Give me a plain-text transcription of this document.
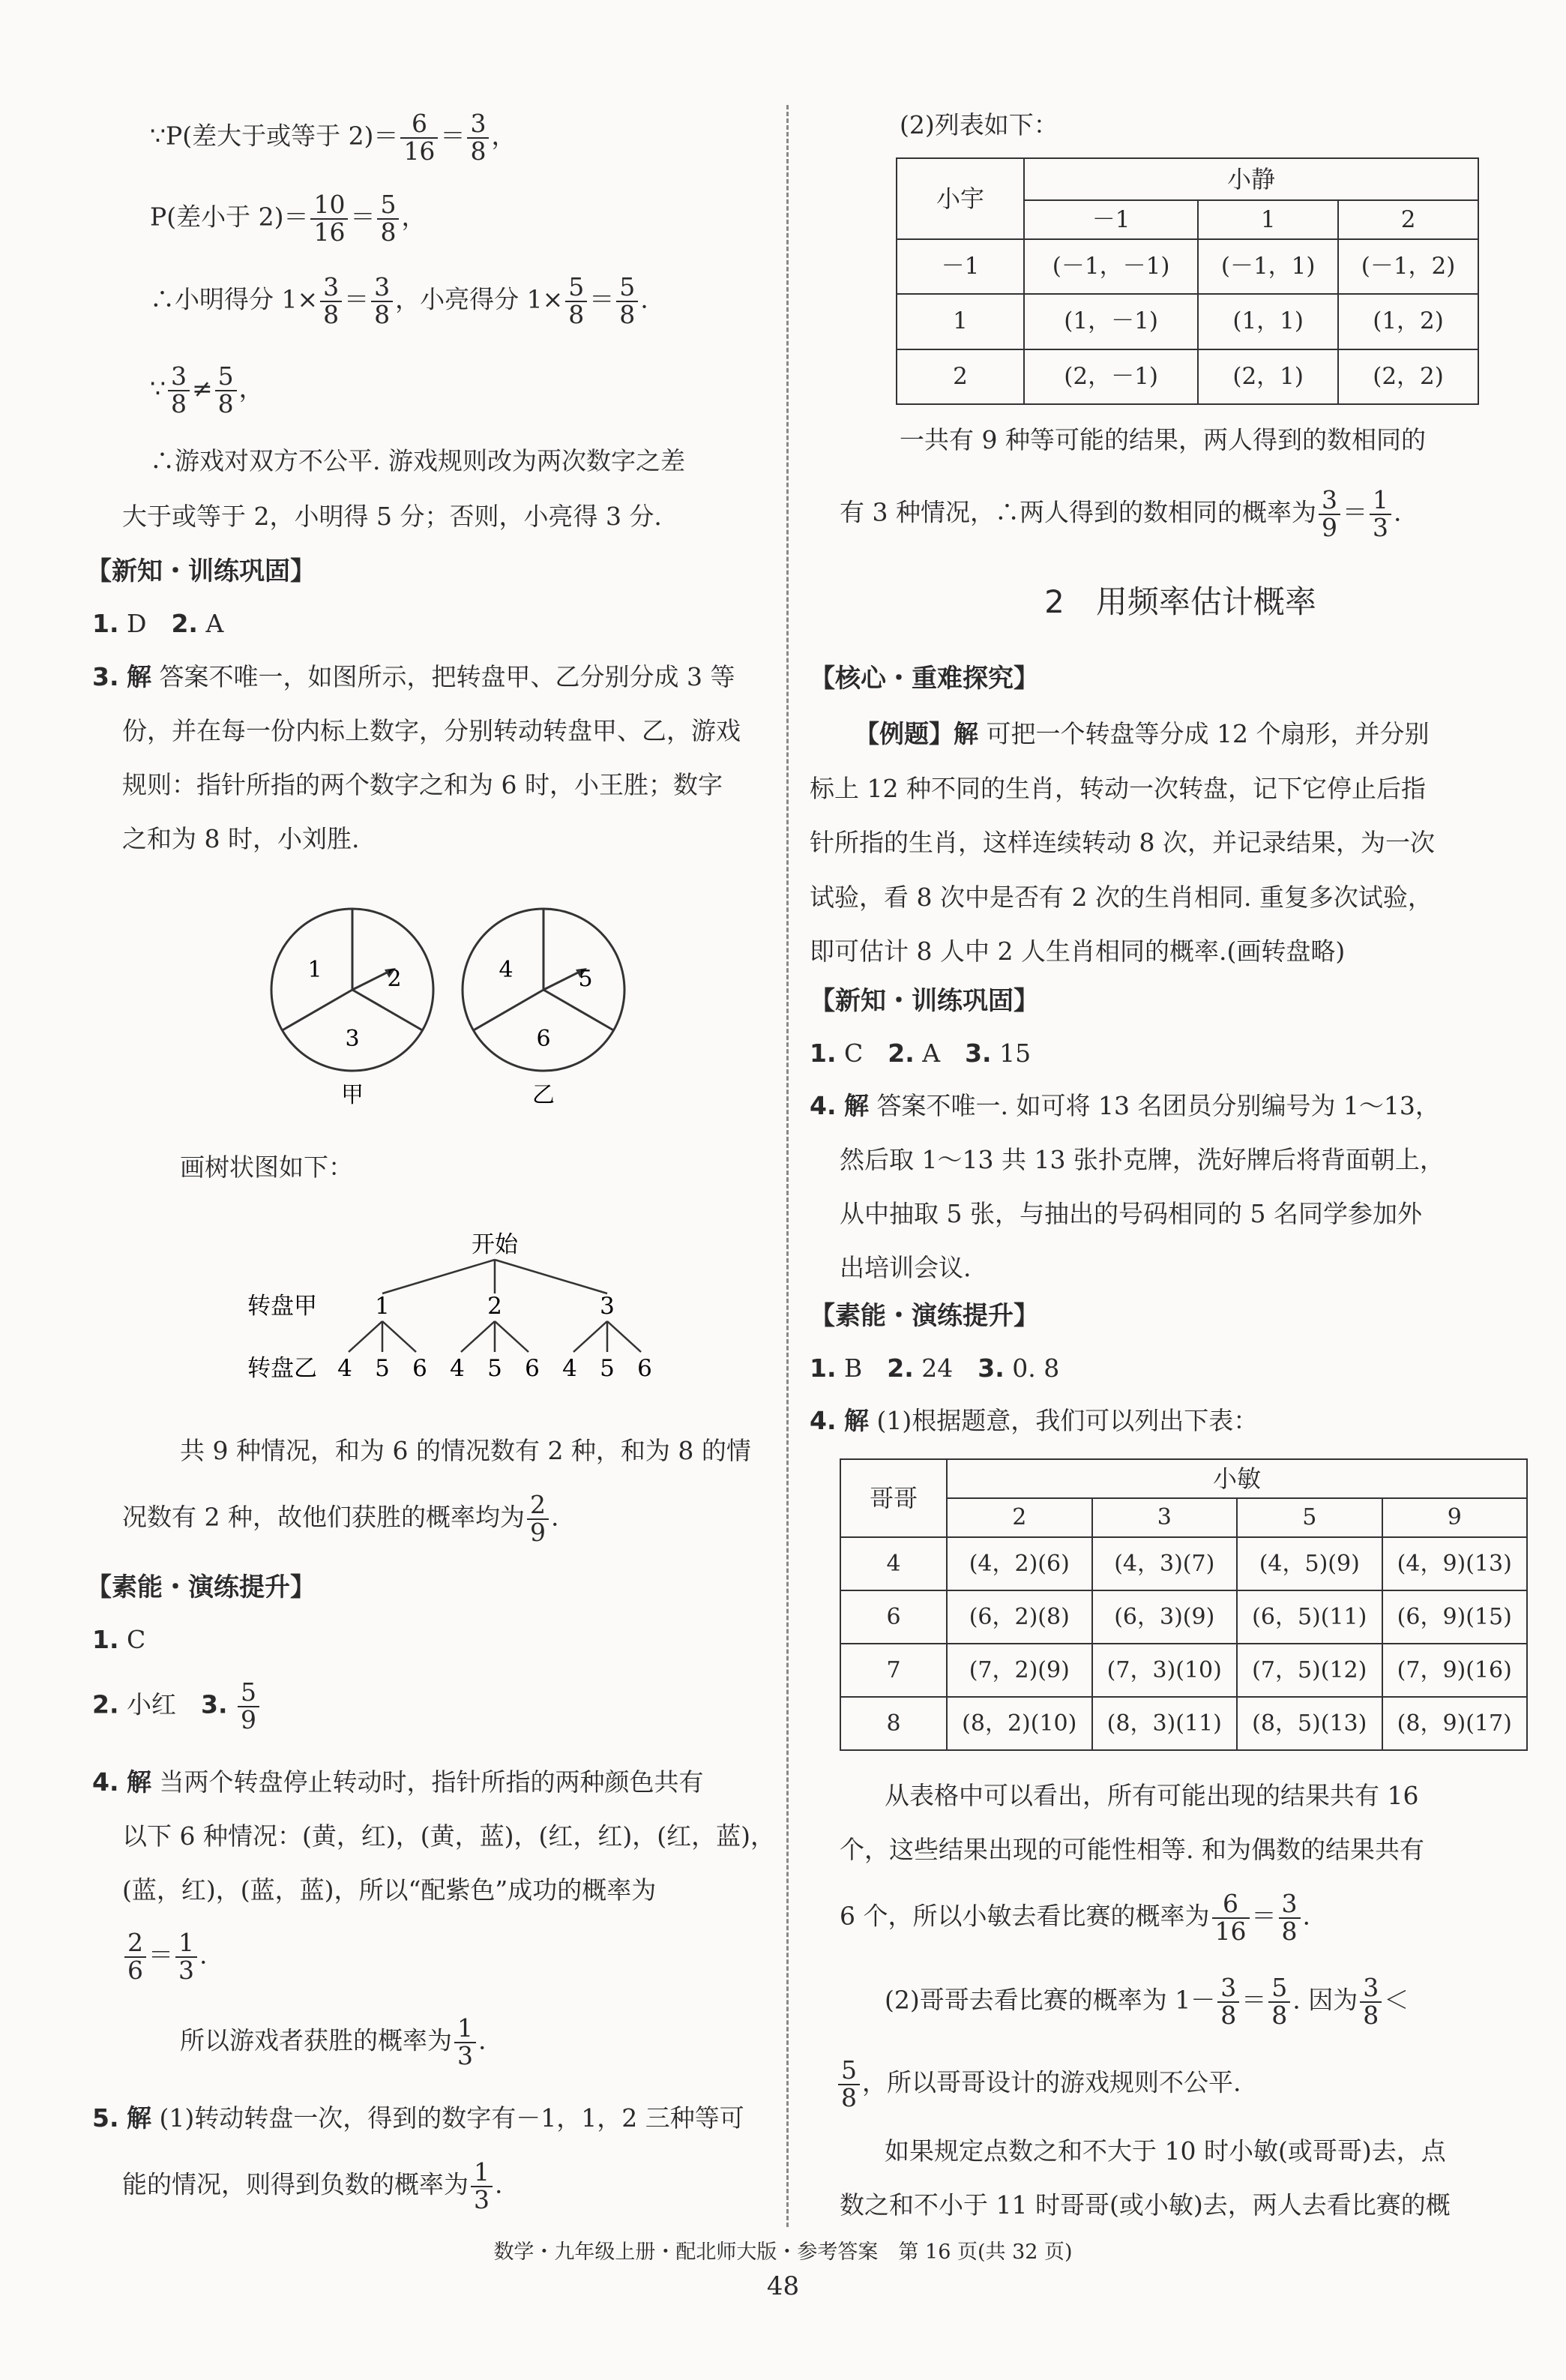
∵P(差大于或等于 $2)= \frac{6}{16} = \frac{3}{8}$ ，
P(差小于 $2)= \frac{10}{16} = \frac{5}{8}$ ，
∴小明得分 $1\times \frac{3}{8} = \frac{3}{8}$ ，小亮得分 $1\times \frac{5}{8} = \frac{5}{8}$ .
∵ $\frac{3}{8} \ne \frac{5}{8}$ ，
∴游戏对双方不公平. 游戏规则改为两次数字之差
大于或等于 2，小明得 5 分；否则，小亮得 3 分.
【新知・训练巩固】
1. D　 2. A
3. 解 答案不唯一，如图所示，把转盘甲、乙分别分成 3 等
份，并在每一份内标上数字，分别转动转盘甲、乙，游戏
规则：指针所指的两个数字之和为 6 时，小王胜；数字
之和为 8 时，小刘胜.
1	2
3
甲
4	5
6
乙
画树状图如下：
开始
转盘甲 1	2	3
转盘乙 4 5 6 4 5 6 4 5 6
共 9 种情况，和为 6 的情况数有 2 种，和为 8 的情
况数有 2 种，故他们获胜的概率均为 $\frac{2}{9}$ .
【素能・演练提升】
1. C
2. 小红　 3. $\frac{5}{9}$
4. 解 当两个转盘停止转动时，指针所指的两种颜色共有
以下 6 种情况：(黄，红)，(黄，蓝)，(红，红)，(红，蓝)，
(蓝，红)，(蓝，蓝)，所以“配紫色”成功的概率为
$\frac{2}{6} = \frac{1}{3}$ .
所以游戏者获胜的概率为 $\frac{1}{3}$ .
5. 解 (1)转动转盘一次，得到的数字有－1，1，2 三种等可
能的情况，则得到负数的概率为 $\frac{1}{3}$ .
(2)列表如下：
小宇	小静		
	－1	1	2
－1	(－1，－1)	(－1，1)	(－1，2)
1	(1，－1)	(1，1)	(1，2)
2	(2，－1)	(2，1)	(2，2)
一共有 9 种等可能的结果，两人得到的数相同的
有 3 种情况，∴两人得到的数相同的概率为 $\frac{3}{9} = \frac{1}{3}$ .
2　用频率估计概率
【核心・重难探究】
【例题】解 可把一个转盘等分成 12 个扇形，并分别
标上 12 种不同的生肖，转动一次转盘，记下它停止后指
针所指的生肖，这样连续转动 8 次，并记录结果，为一次
试验，看 8 次中是否有 2 次的生肖相同. 重复多次试验，
即可估计 8 人中 2 人生肖相同的概率.(画转盘略)
【新知・训练巩固】
1. C　 2. A　 3. 15
4. 解 答案不唯一. 如可将 13 名团员分别编号为 1～13，
然后取 1～13 共 13 张扑克牌，洗好牌后将背面朝上，
从中抽取 5 张，与抽出的号码相同的 5 名同学参加外
出培训会议.
【素能・演练提升】
1. B　 2. 24　 3. 0. 8
4. 解 (1)根据题意，我们可以列出下表：
哥哥	小敏			
	2	3	5	9
4	(4，2)(6)	(4，3)(7)	(4，5)(9)	(4，9)(13)
6	(6，2)(8)	(6，3)(9)	(6，5)(11)	(6，9)(15)
7	(7，2)(9)	(7，3)(10)	(7，5)(12)	(7，9)(16)
8	(8，2)(10)	(8，3)(11)	(8，5)(13)	(8，9)(17)
从表格中可以看出，所有可能出现的结果共有 16
个，这些结果出现的可能性相等. 和为偶数的结果共有
6 个，所以小敏去看比赛的概率为 $\frac{6}{16} = \frac{3}{8}$ .
(2)哥哥去看比赛的概率为 $1- \frac{3}{8} = \frac{5}{8}$ . 因为 $\frac{3}{8}$ ＜
$\frac{5}{8}$ ，所以哥哥设计的游戏规则不公平.
如果规定点数之和不大于 10 时小敏(或哥哥)去，点
数之和不小于 11 时哥哥(或小敏)去，两人去看比赛的概
数学・九年级上册・配北师大版・参考答案　第 16 页(共 32 页)
48
